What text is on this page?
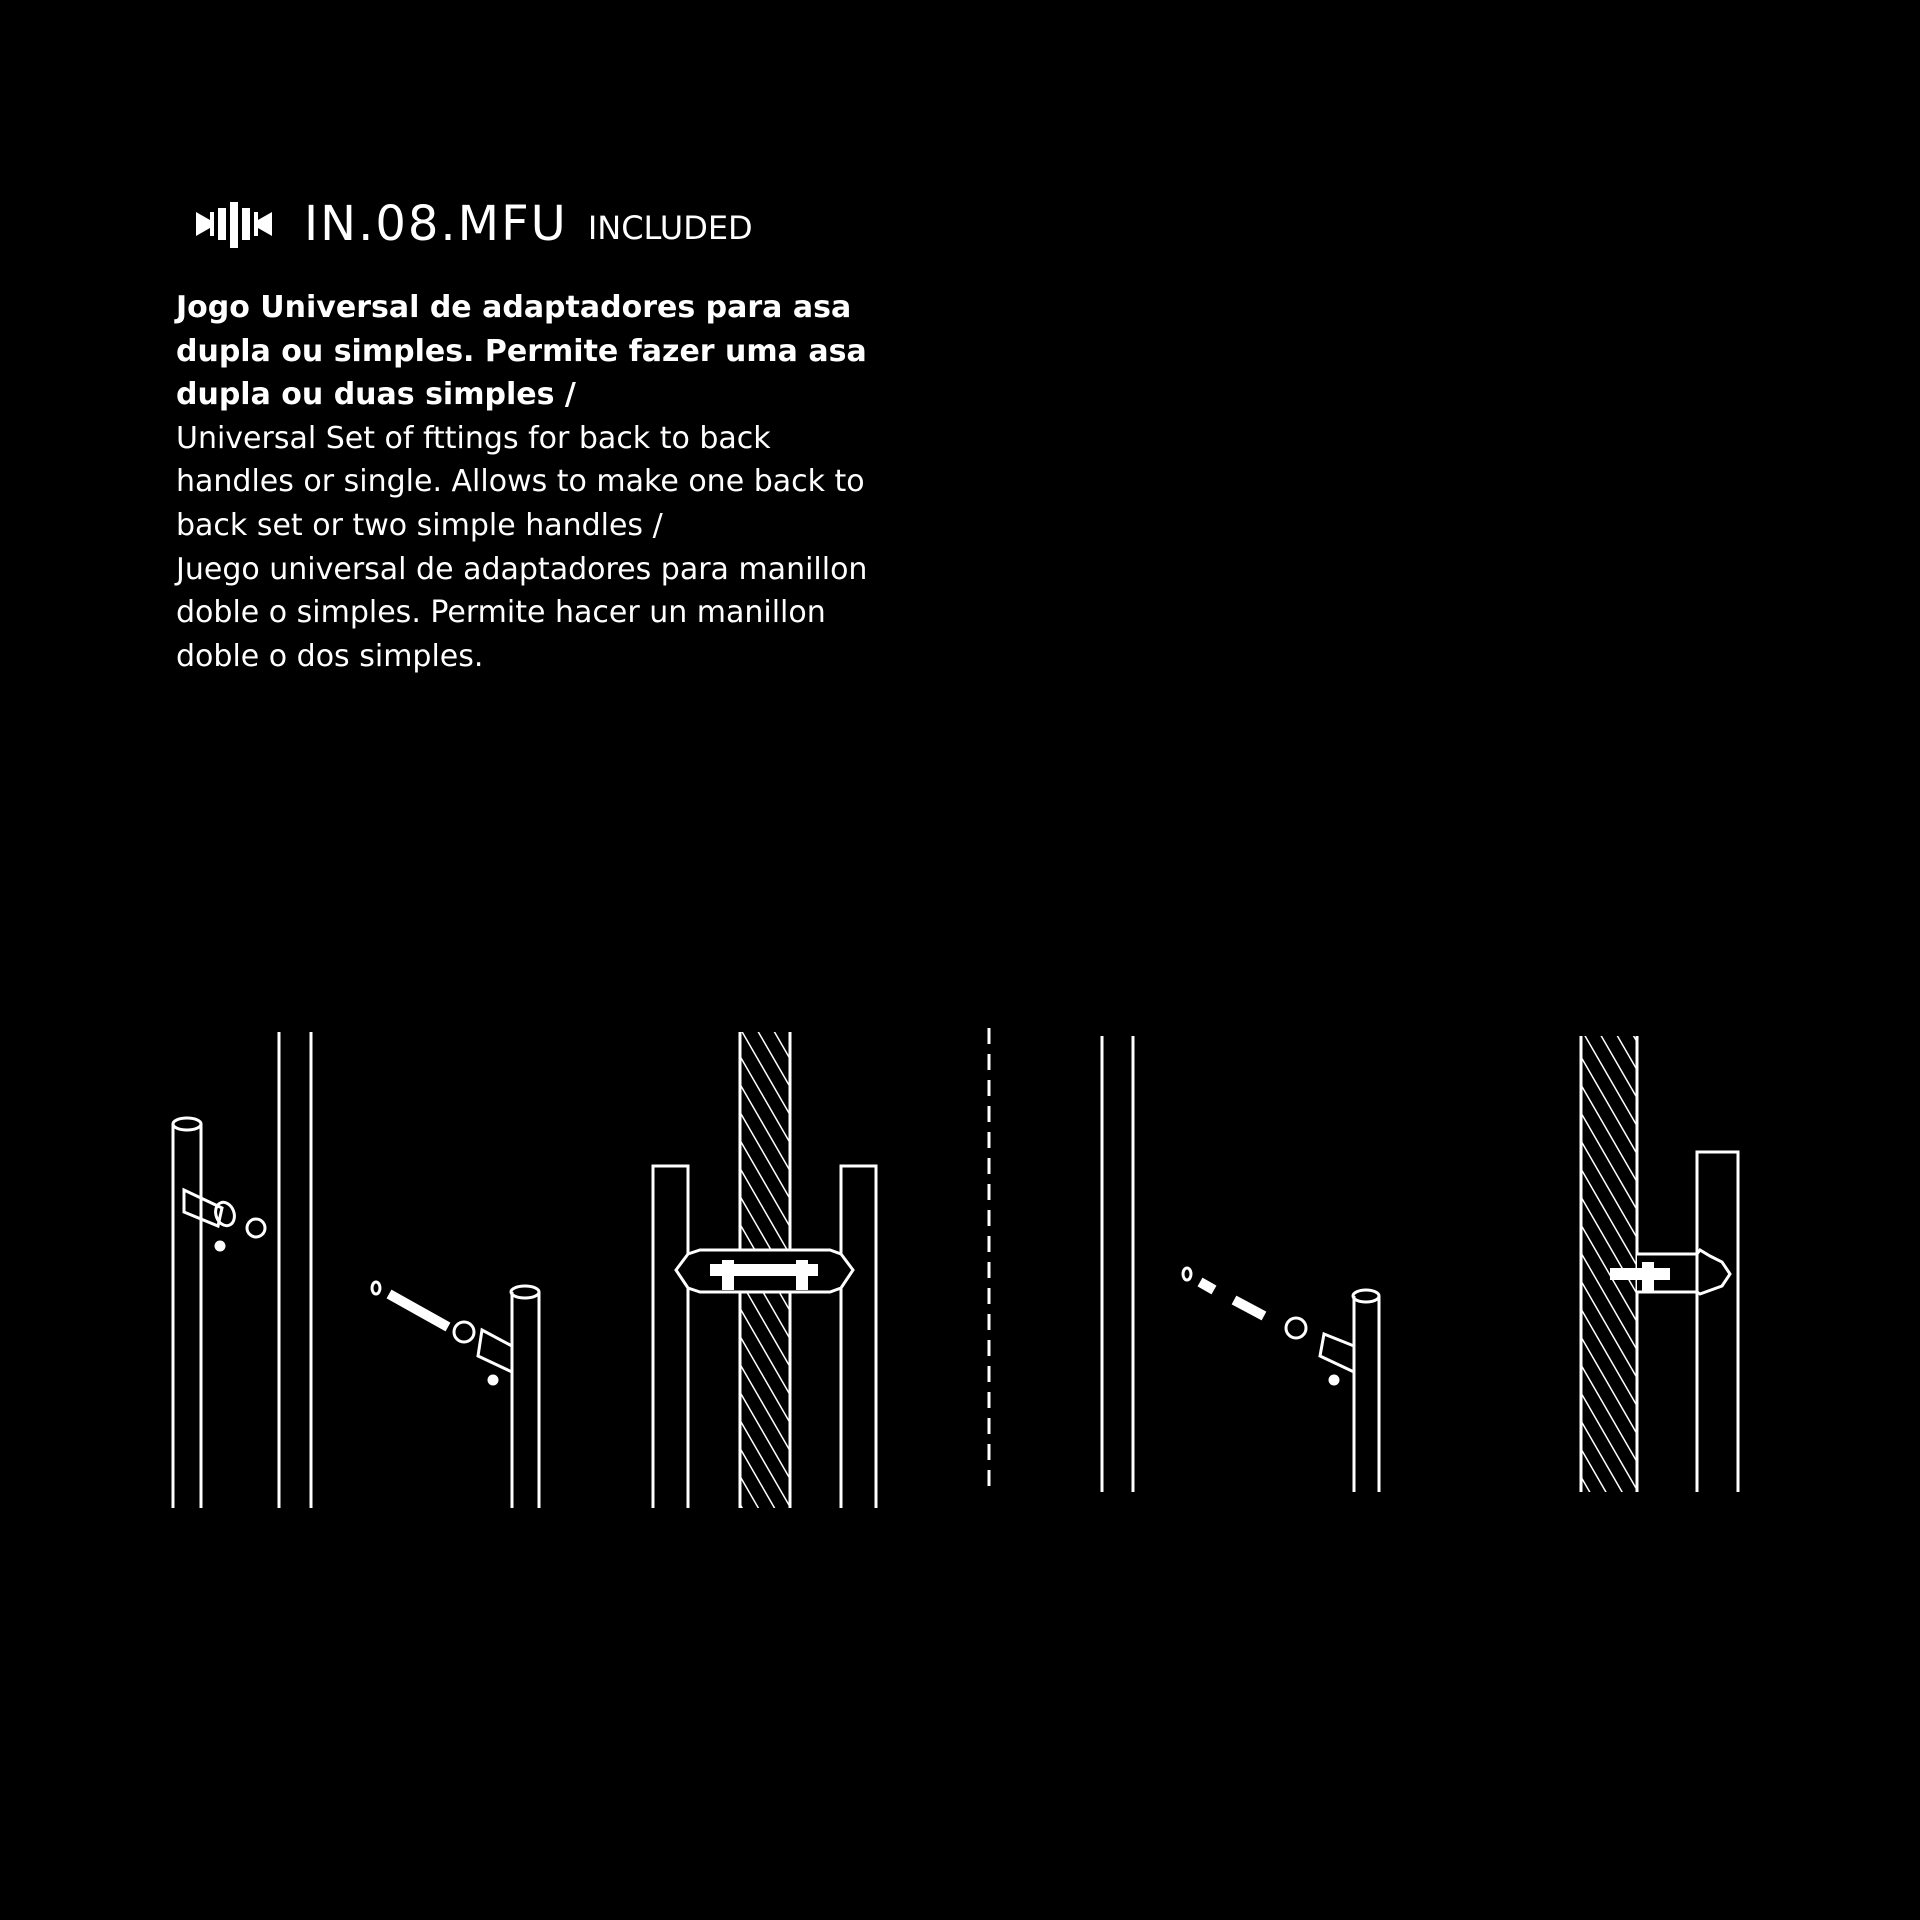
IN.08.MFU INCLUDED

Jogo Universal de adaptadores para asa dupla ou simples. Permite fazer uma asa dupla ou duas simples /

Universal Set of fttings for back to back handles or single. Allows to make one back to back set or two simple handles /

Juego universal de adaptadores para manillon doble o simples. Permite hacer un manillon doble o dos simples.
